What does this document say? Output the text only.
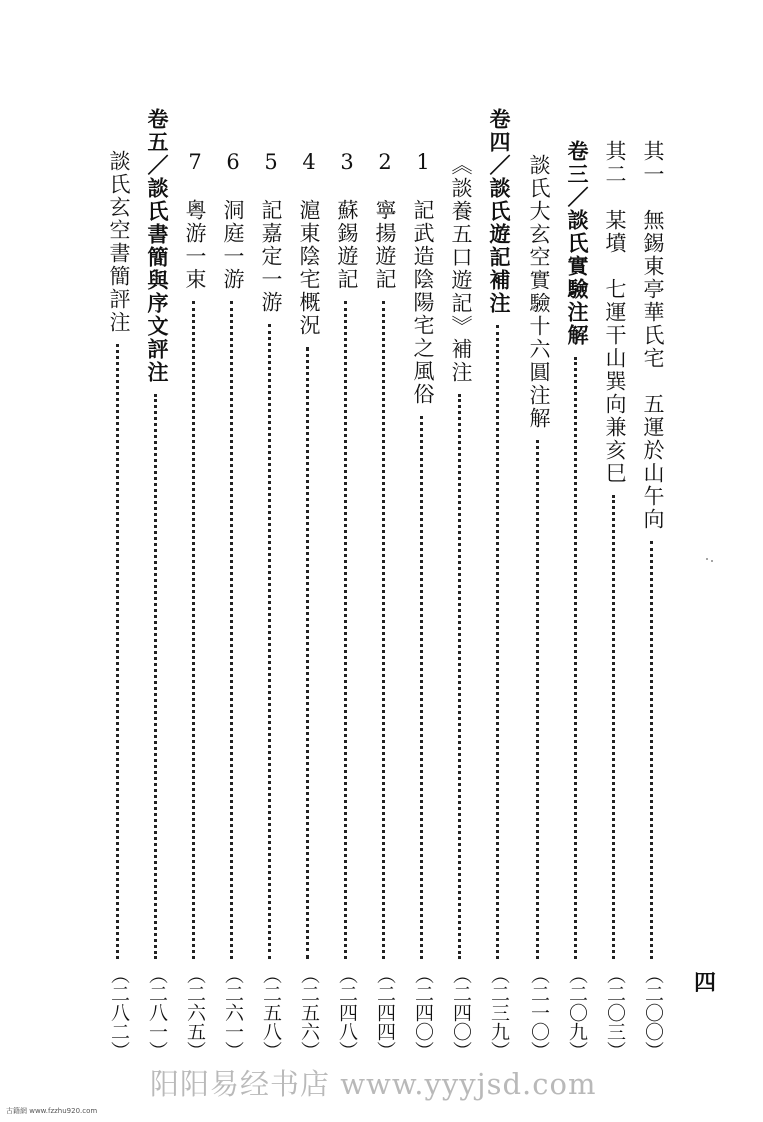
其一　無錫東亭華氏宅　五運於山午向
（二〇〇）
其二　某墳　七運干山巽向兼亥巳
（二〇三）
卷三／談氏實驗注解
（二〇九）
談氏大玄空實驗十六圓注解
（二一〇）
卷四／談氏遊記補注
（二三九）
《談養五口遊記》補注
（二四〇）
1　記武造陰陽宅之風俗
（二四〇）
2　寧揚遊記
（二四四）
3　蘇錫遊記
（二四八）
4　滬東陰宅概況
（二五六）
5　記嘉定一游
（二五八）
6　洞庭一游
（二六一）
7　粵游一束
（二六五）
卷五／談氏書簡與序文評注
（二八一）
談氏玄空書簡評注
（二八二）	四
阳阳易经书店 www.yyyjsd.com
古籍網 www.fzzhu920.com
